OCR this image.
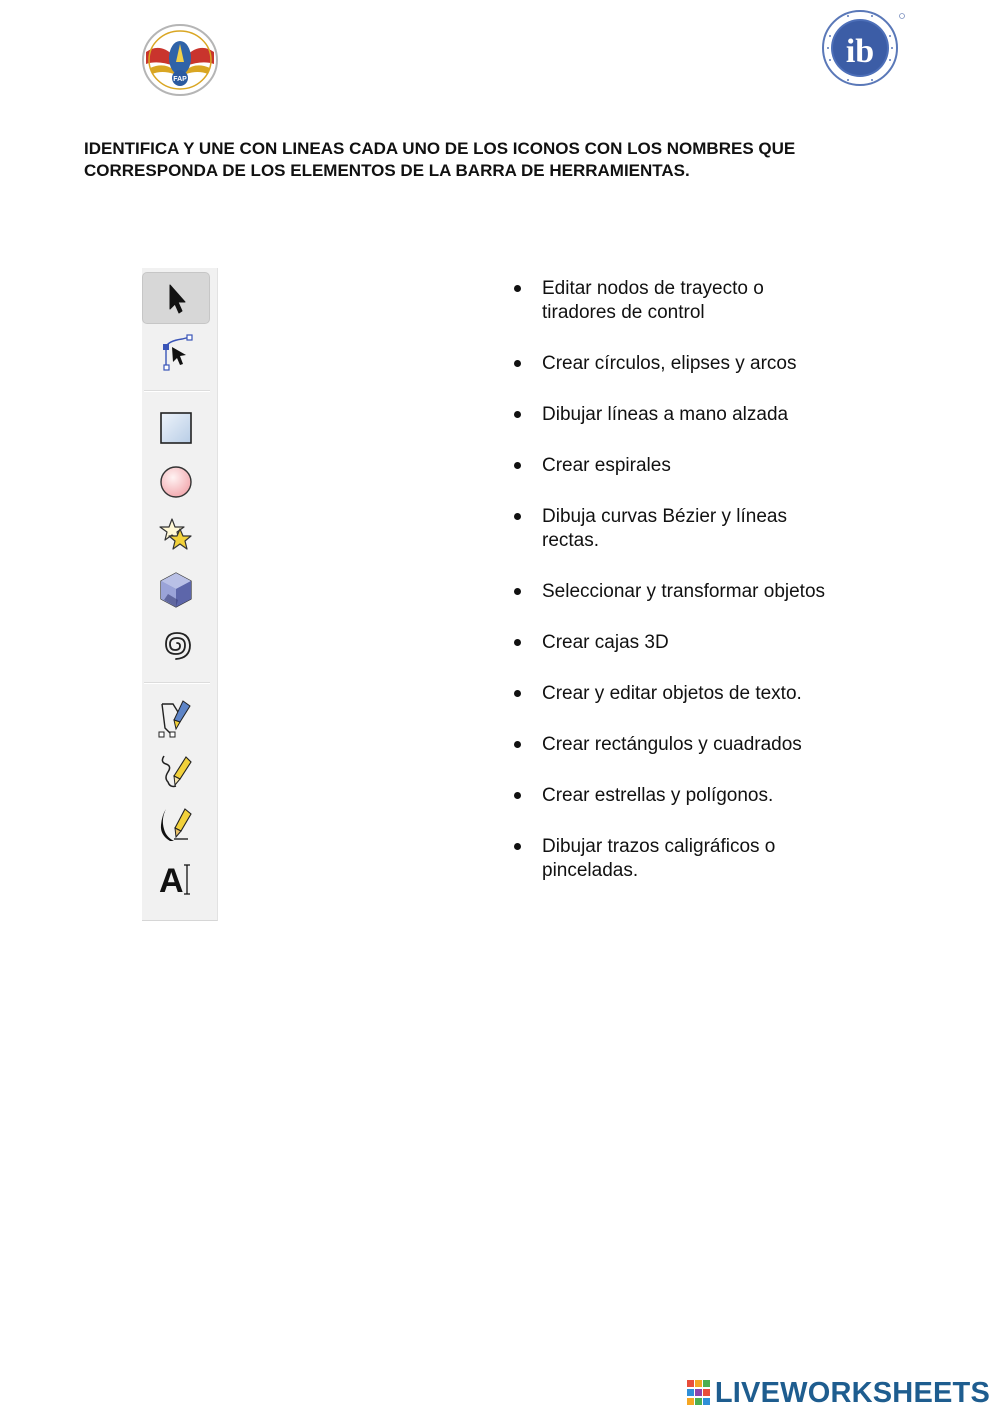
FAP
ib

IDENTIFICA Y UNE CON LINEAS CADA UNO DE LOS ICONOS CON LOS NOMBRES QUE
CORRESPONDA DE LOS ELEMENTOS DE LA BARRA DE HERRAMIENTAS.

A
Editar nodos de trayecto o tiradores de control
Crear círculos, elipses y arcos
Dibujar líneas a mano alzada
Crear espirales
Dibuja curvas Bézier y líneas rectas.
Seleccionar y transformar objetos
Crear cajas 3D
Crear y editar objetos de texto.
Crear rectángulos y cuadrados
Crear estrellas y polígonos.
Dibujar trazos caligráficos o pinceladas.
LIVEWORKSHEETS
